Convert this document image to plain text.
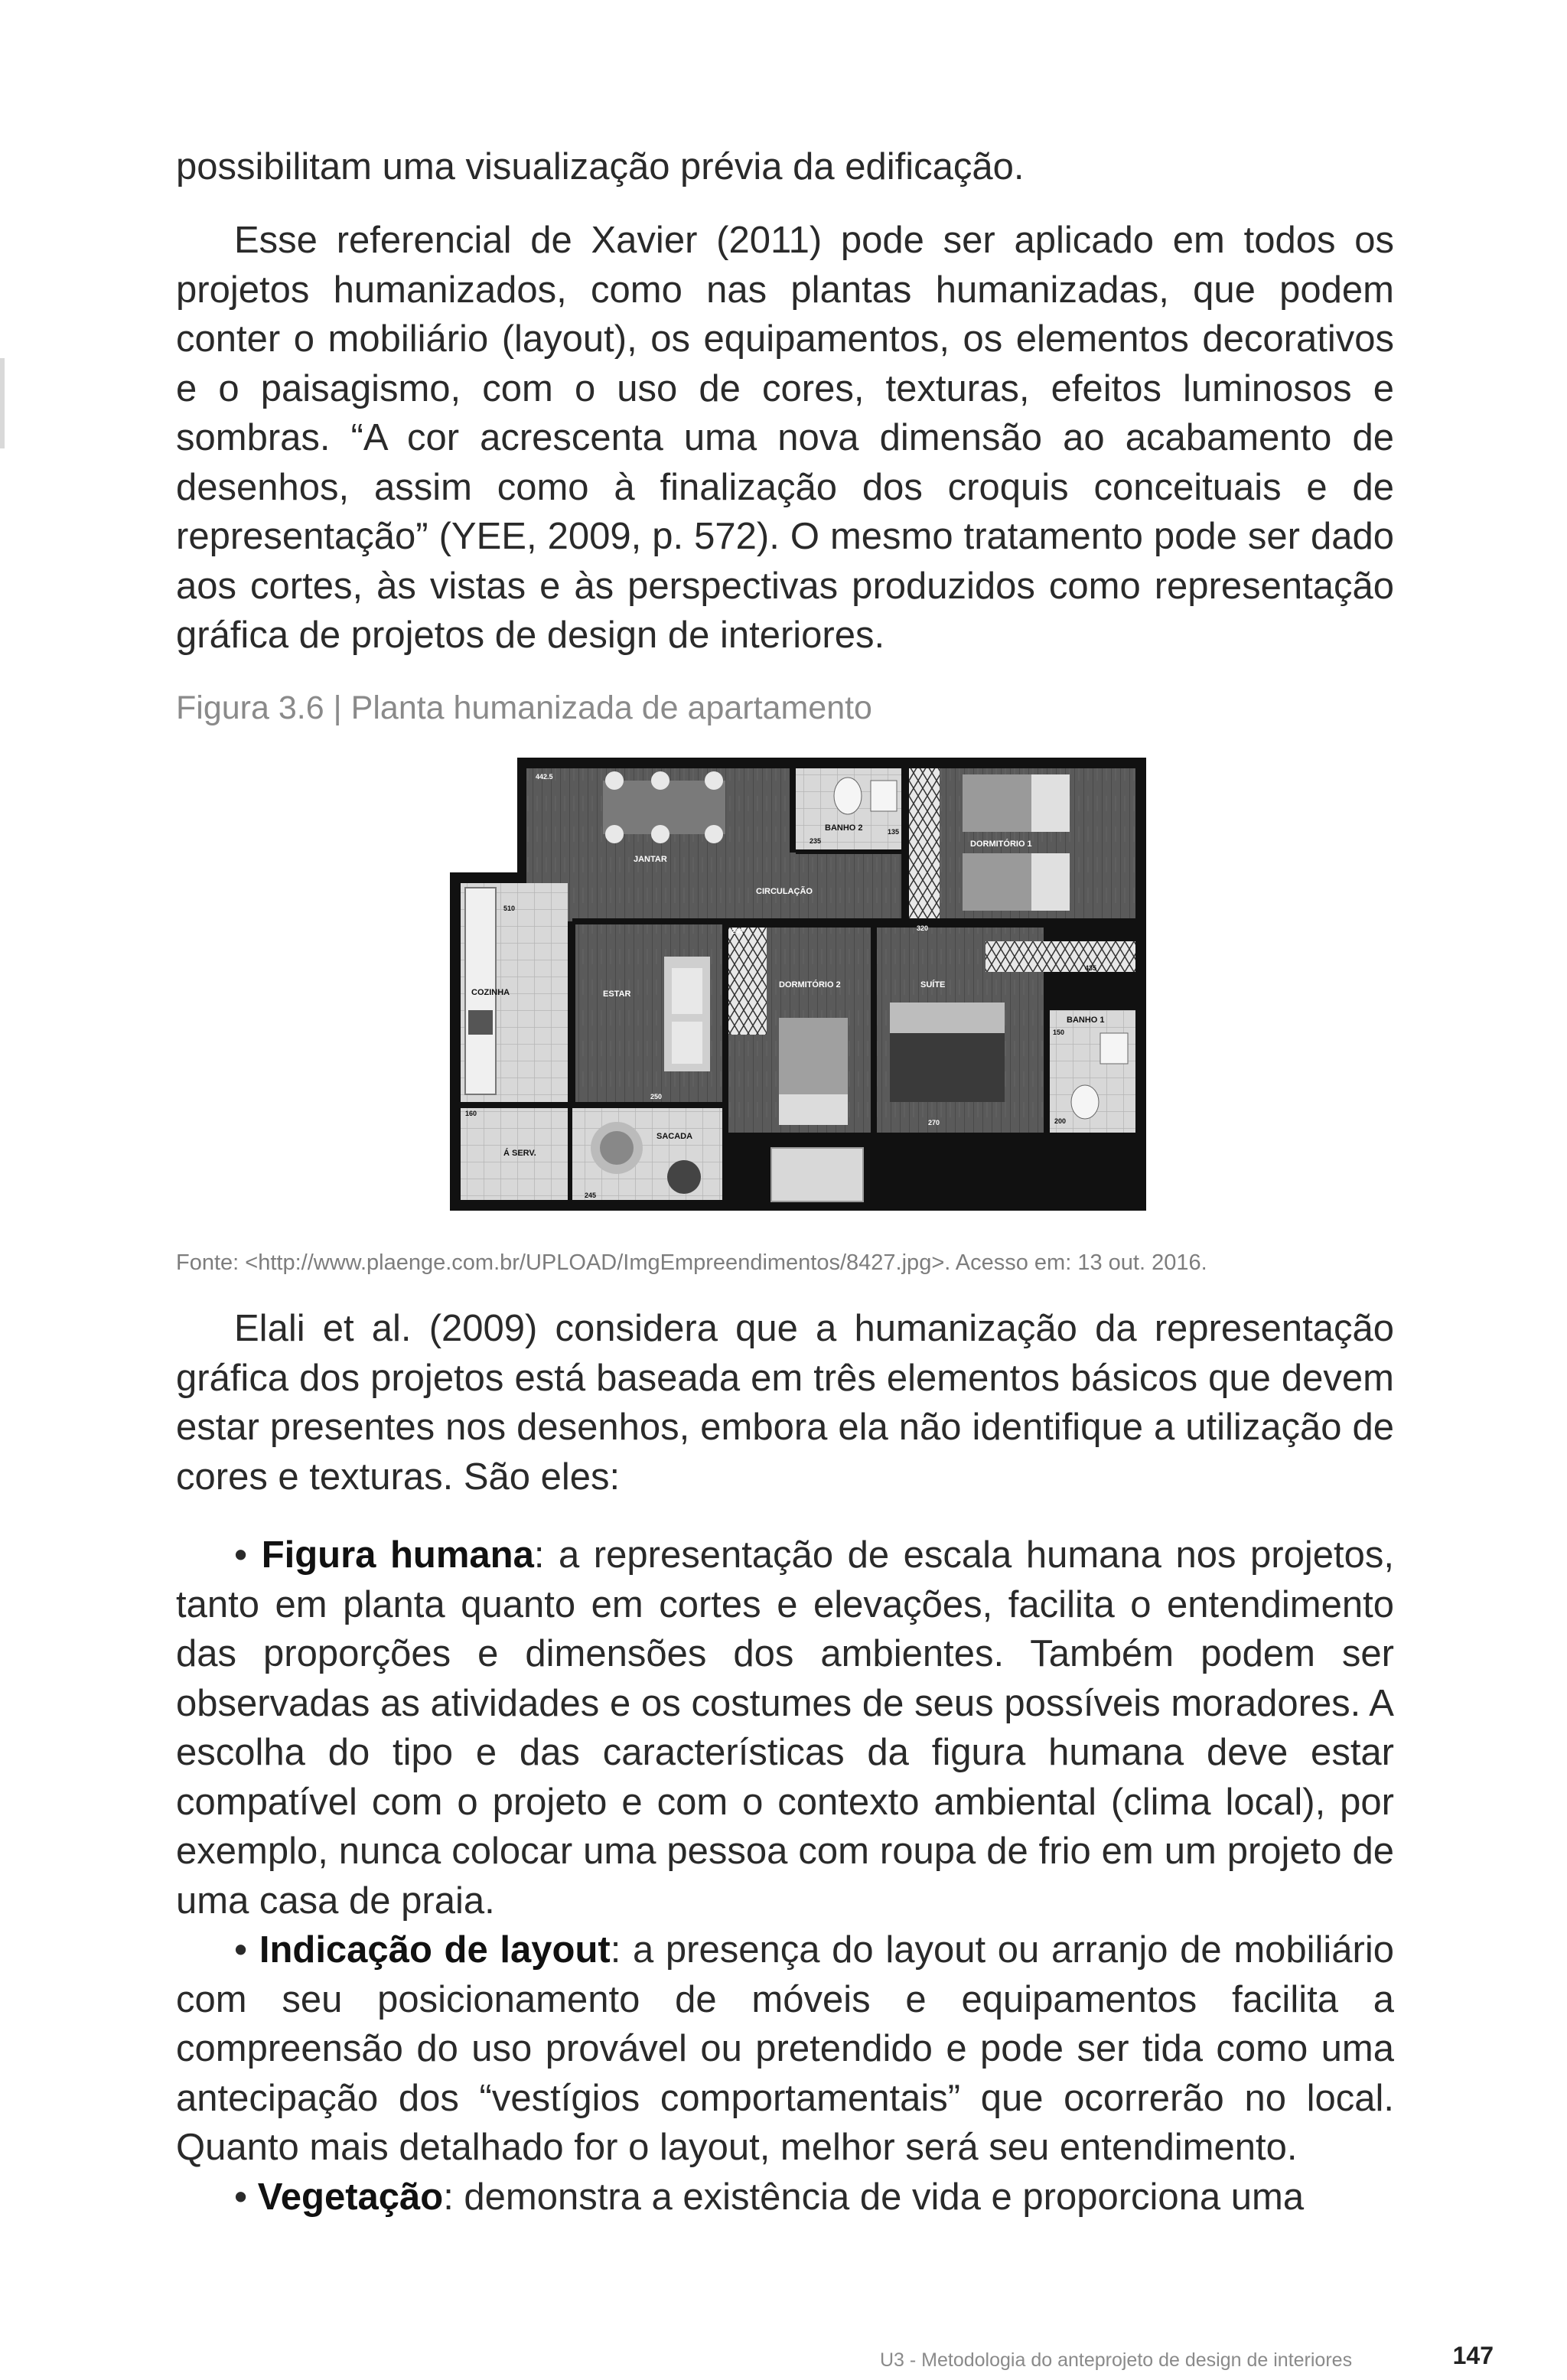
possibilitam uma visualização prévia da edificação.

Esse referencial de Xavier (2011) pode ser aplicado em todos os projetos humanizados, como nas plantas humanizadas, que podem conter o mobiliário (layout), os equipamentos, os elementos decorativos e o paisagismo, com o uso de cores, texturas, efeitos luminosos e sombras. “A cor acrescenta uma nova dimensão ao acabamento de desenhos, assim como à finalização dos croquis conceituais e de representação” (YEE, 2009, p. 572). O mesmo tratamento pode ser dado aos cortes, às vistas e às perspectivas produzidos como representação gráfica de projetos de design de interiores.

Figura 3.6 | Planta humanizada de apartamento
BANHO 2
DORMITÓRIO 1
JANTAR
CIRCULAÇÃO
COZINHA	ESTAR
DORMITÓRIO 2	SUÍTE
BANHO 1
Á SERV.
SACADA
442.5
235
135
320
510
240
435
150
250
270
160
245
200
Fonte: <http://www.plaenge.com.br/UPLOAD/ImgEmpreendimentos/8427.jpg>. Acesso em: 13 out. 2016.

Elali et al. (2009) considera que a humanização da representação gráfica dos projetos está baseada em três elementos básicos que devem estar presentes nos desenhos, embora ela não identifique a utilização de cores e texturas. São eles:

• Figura humana: a representação de escala humana nos projetos, tanto em planta quanto em cortes e elevações, facilita o entendimento das proporções e dimensões dos ambientes. Também podem ser observadas as atividades e os costumes de seus possíveis moradores. A escolha do tipo e das características da figura humana deve estar compatível com o projeto e com o contexto ambiental (clima local), por exemplo, nunca colocar uma pessoa com roupa de frio em um projeto de uma casa de praia.

• Indicação de layout: a presença do layout ou arranjo de mobiliário com seu posicionamento de móveis e equipamentos facilita a compreensão do uso provável ou pretendido e pode ser tida como uma antecipação dos “vestígios comportamentais” que ocorrerão no local. Quanto mais detalhado for o layout, melhor será seu entendimento.

• Vegetação: demonstra a existência de vida e proporciona uma

U3 - Metodologia do anteprojeto de design de interiores	147
